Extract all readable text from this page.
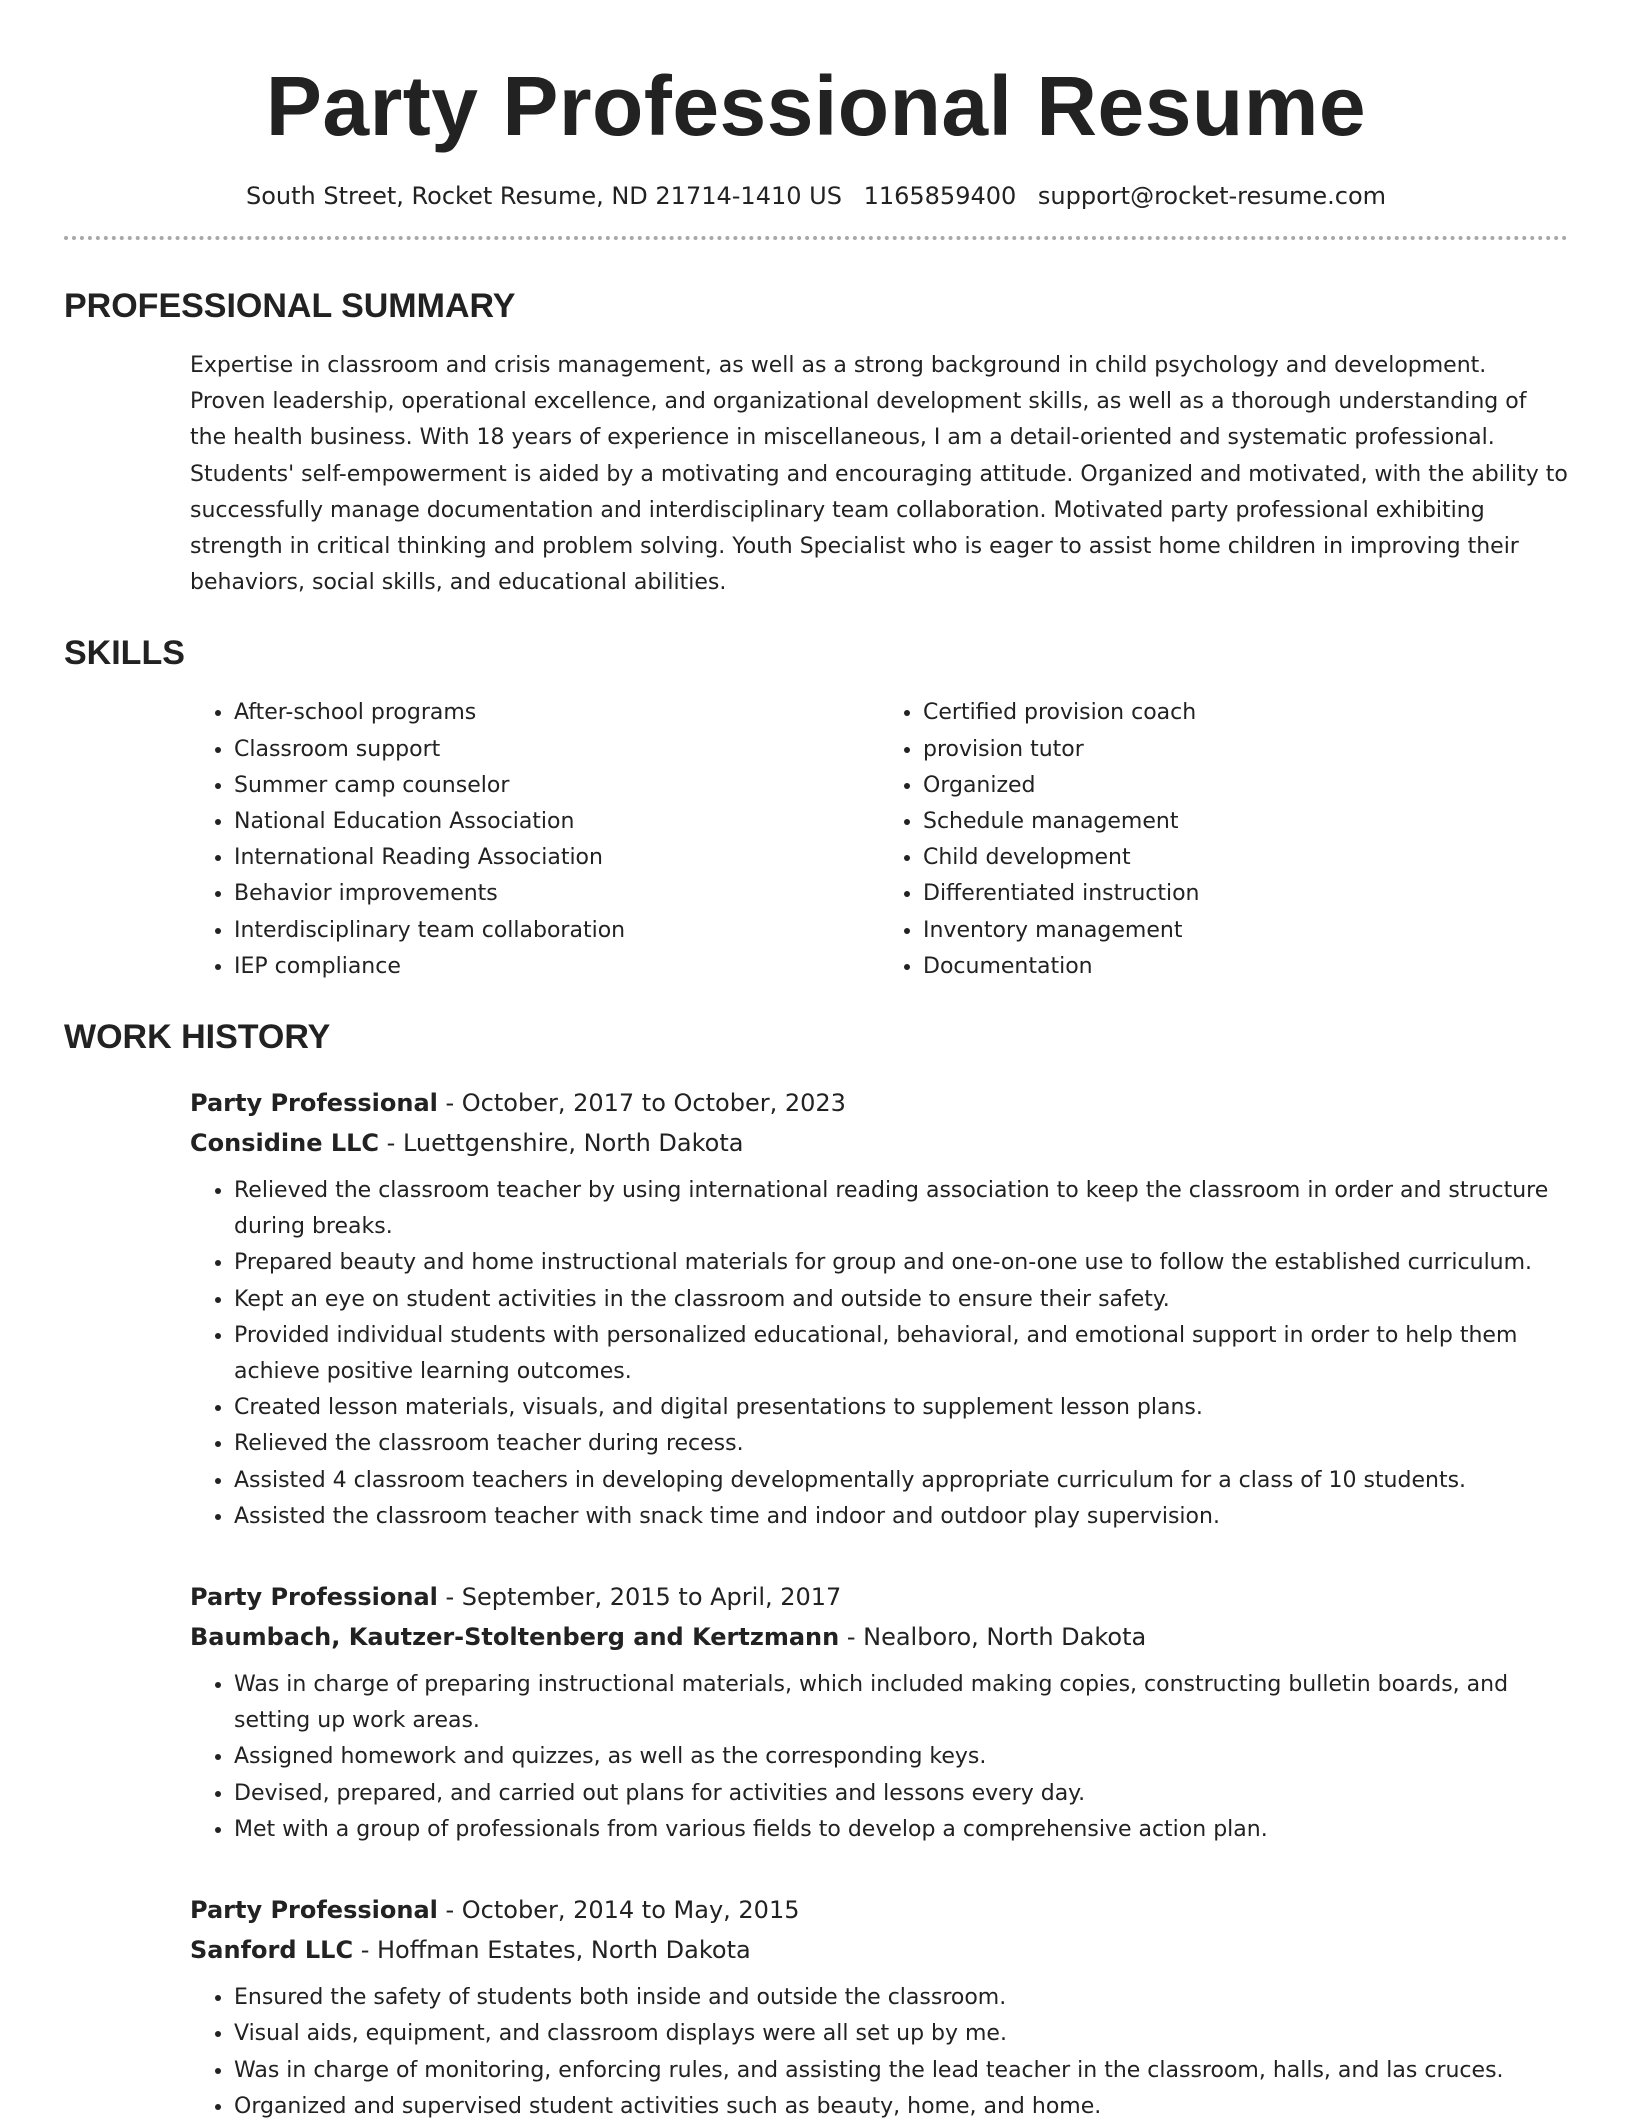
Party Professional Resume
South Street, Rocket Resume, ND 21714-1410 US 1165859400 support@rocket-resume.com
PROFESSIONAL SUMMARY

Expertise in classroom and crisis management, as well as a strong background in child psychology and development. Proven leadership, operational excellence, and organizational development skills, as well as a thorough understanding of the health business. With 18 years of experience in miscellaneous, I am a detail-oriented and systematic professional. Students' self-empowerment is aided by a motivating and encouraging attitude. Organized and motivated, with the ability to successfully manage documentation and interdisciplinary team collaboration. Motivated party professional exhibiting strength in critical thinking and problem solving. Youth Specialist who is eager to assist home children in improving their behaviors, social skills, and educational abilities.

SKILLS
• After-school programs
• Classroom support
• Summer camp counselor
• National Education Association
• International Reading Association
• Behavior improvements
• Interdisciplinary team collaboration
• IEP compliance
• Certified provision coach
• provision tutor
• Organized
• Schedule management
• Child development
• Differentiated instruction
• Inventory management
• Documentation
WORK HISTORY
Party Professional - October, 2017 to October, 2023
Considine LLC - Luettgenshire, North Dakota
• Relieved the classroom teacher by using international reading association to keep the classroom in order and structure during breaks.
• Prepared beauty and home instructional materials for group and one-on-one use to follow the established curriculum.
• Kept an eye on student activities in the classroom and outside to ensure their safety.
• Provided individual students with personalized educational, behavioral, and emotional support in order to help them achieve positive learning outcomes.
• Created lesson materials, visuals, and digital presentations to supplement lesson plans.
• Relieved the classroom teacher during recess.
• Assisted 4 classroom teachers in developing developmentally appropriate curriculum for a class of 10 students.
• Assisted the classroom teacher with snack time and indoor and outdoor play supervision.
Party Professional - September, 2015 to April, 2017
Baumbach, Kautzer-Stoltenberg and Kertzmann - Nealboro, North Dakota
• Was in charge of preparing instructional materials, which included making copies, constructing bulletin boards, and setting up work areas.
• Assigned homework and quizzes, as well as the corresponding keys.
• Devised, prepared, and carried out plans for activities and lessons every day.
• Met with a group of professionals from various fields to develop a comprehensive action plan.
Party Professional - October, 2014 to May, 2015
Sanford LLC - Hoffman Estates, North Dakota
• Ensured the safety of students both inside and outside the classroom.
• Visual aids, equipment, and classroom displays were all set up by me.
• Was in charge of monitoring, enforcing rules, and assisting the lead teacher in the classroom, halls, and las cruces.
• Organized and supervised student activities such as beauty, home, and home.
